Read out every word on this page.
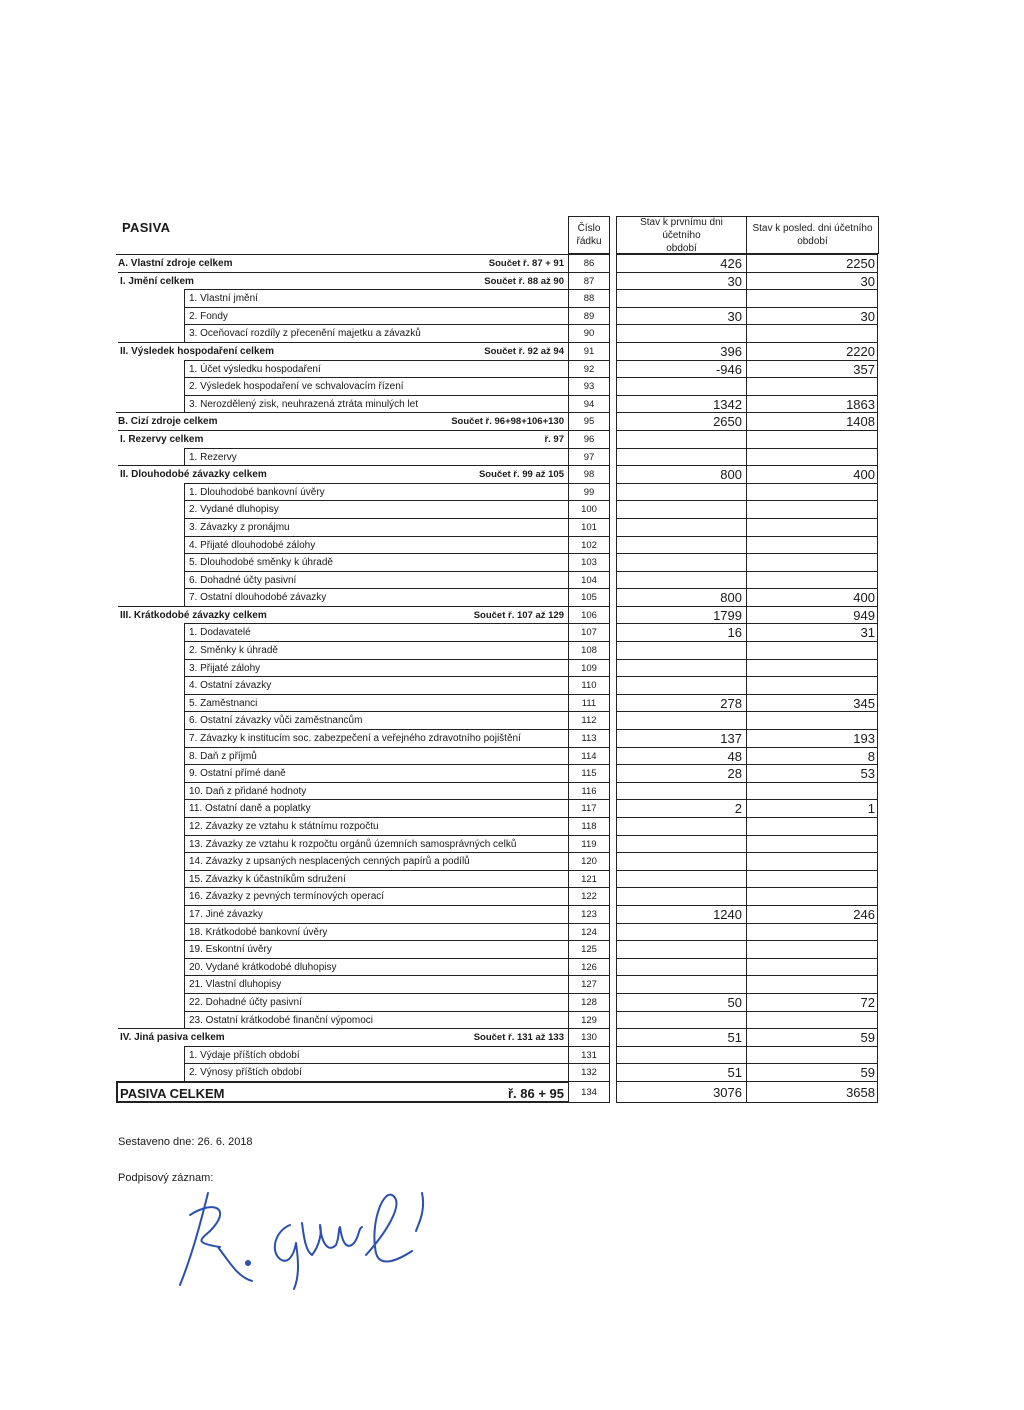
PASIVA	Číslo
řádku
Stav k prvnímu dni účetního
období
Stav k posled. dni účetního
období
A. Vlastní zdroje celkem	Součet ř. 87 + 91	86	426	2250
I. Jmění celkem	Součet ř. 88 až 90	87	30	30
1. Vlastní jmění	88
2. Fondy	89	30	30
3. Oceňovací rozdíly z přecenění majetku a závazků	90
II. Výsledek hospodaření celkem	Součet ř. 92 až 94	91	396	2220
1. Účet výsledku hospodaření	92	-946	357
2. Výsledek hospodaření ve schvalovacím řízení	93
3. Nerozdělený zisk, neuhrazená ztráta minulých let	94	1342	1863
B. Cizí zdroje celkem	Součet ř. 96+98+106+130	95	2650	1408
I. Rezervy celkem	ř. 97	96
1. Rezervy	97
II. Dlouhodobé závazky celkem	Součet ř. 99 až 105	98	800	400
1. Dlouhodobé bankovní úvěry	99
2. Vydané dluhopisy	100
3. Závazky z pronájmu	101
4. Přijaté dlouhodobé zálohy	102
5. Dlouhodobé směnky k úhradě	103
6. Dohadné účty pasivní	104
7. Ostatní dlouhodobé závazky	105	800	400
III. Krátkodobé závazky celkem	Součet ř. 107 až 129	106	1799	949
1. Dodavatelé	107	16	31
2. Směnky k úhradě	108
3. Přijaté zálohy	109
4. Ostatní závazky	110
5. Zaměstnanci	111	278	345
6. Ostatní závazky vůči zaměstnancům	112
7. Závazky k institucím soc. zabezpečení a veřejného zdravotního pojištění	113	137	193
8. Daň z příjmů	114	48	8
9. Ostatní přímé daně	115	28	53
10. Daň z přidané hodnoty	116
11. Ostatní daně a poplatky	117	2	1
12. Závazky ze vztahu k státnímu rozpočtu	118
13. Závazky ze vztahu k rozpočtu orgánů územních samosprávných celků	119
14. Závazky z upsaných nesplacených cenných papírů a podílů	120
15. Závazky k účastníkům sdružení	121
16. Závazky z pevných termínových operací	122
17. Jiné závazky	123	1240	246
18. Krátkodobé bankovní úvěry	124
19. Eskontní úvěry	125
20. Vydané krátkodobé dluhopisy	126
21. Vlastní dluhopisy	127
22. Dohadné účty pasivní	128	50	72
23. Ostatní krátkodobé finanční výpomoci	129
IV. Jiná pasiva celkem	Součet ř. 131 až 133	130	51	59
1. Výdaje příštích období	131
2. Výnosy příštích období	132	51	59
PASIVA CELKEM	ř. 86 + 95	134	3076	3658
Sestaveno dne: 26. 6. 2018
Podpisový záznam:
